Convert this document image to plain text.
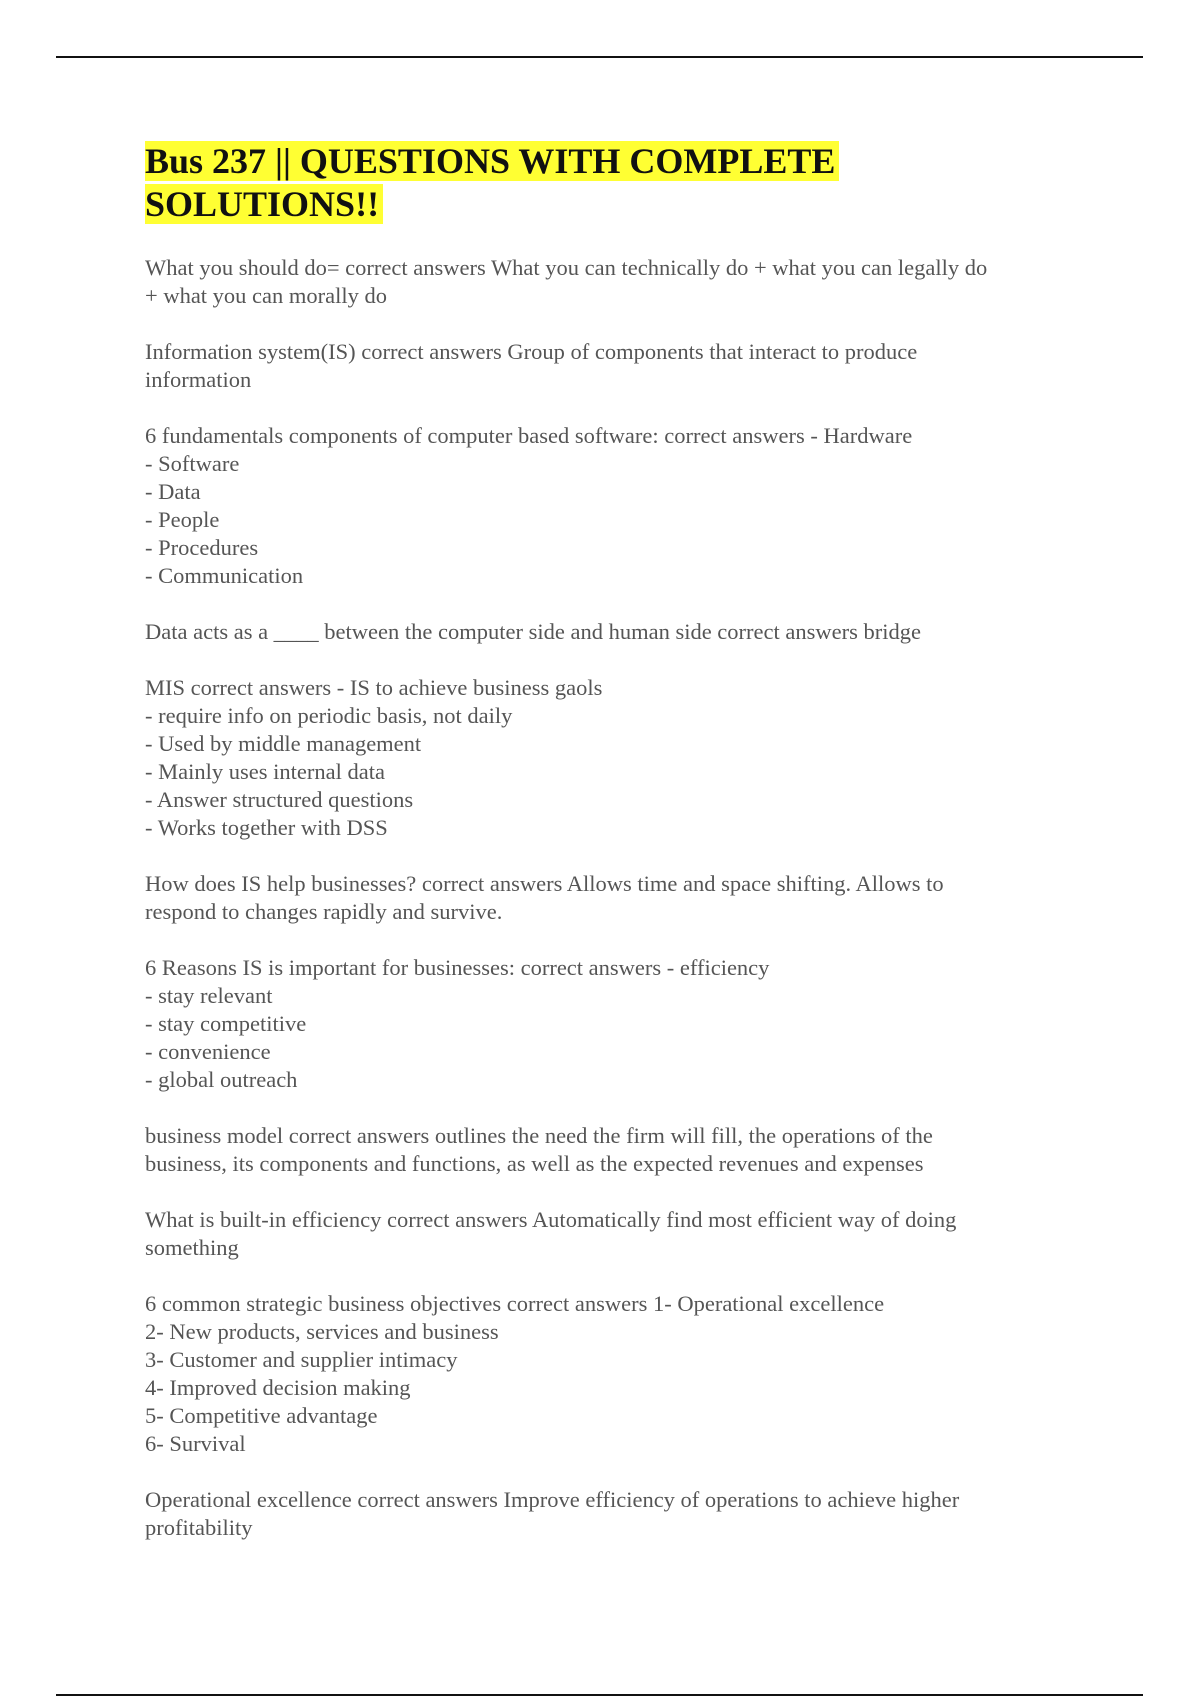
Bus 237 || QUESTIONS WITH COMPLETE
SOLUTIONS!!
What you should do= correct answers What you can technically do + what you can legally do
+ what you can morally do
Information system(IS) correct answers Group of components that interact to produce
information
6 fundamentals components of computer based software: correct answers - Hardware
- Software
- Data
- People
- Procedures
- Communication
Data acts as a ____ between the computer side and human side correct answers bridge
MIS correct answers - IS to achieve business gaols
- require info on periodic basis, not daily
- Used by middle management
- Mainly uses internal data
- Answer structured questions
- Works together with DSS
How does IS help businesses? correct answers Allows time and space shifting. Allows to
respond to changes rapidly and survive.
6 Reasons IS is important for businesses: correct answers - efficiency
- stay relevant
- stay competitive
- convenience
- global outreach
business model correct answers outlines the need the firm will fill, the operations of the
business, its components and functions, as well as the expected revenues and expenses
What is built-in efficiency correct answers Automatically find most efficient way of doing
something
6 common strategic business objectives correct answers 1- Operational excellence
2- New products, services and business
3- Customer and supplier intimacy
4- Improved decision making
5- Competitive advantage
6- Survival
Operational excellence correct answers Improve efficiency of operations to achieve higher
profitability
